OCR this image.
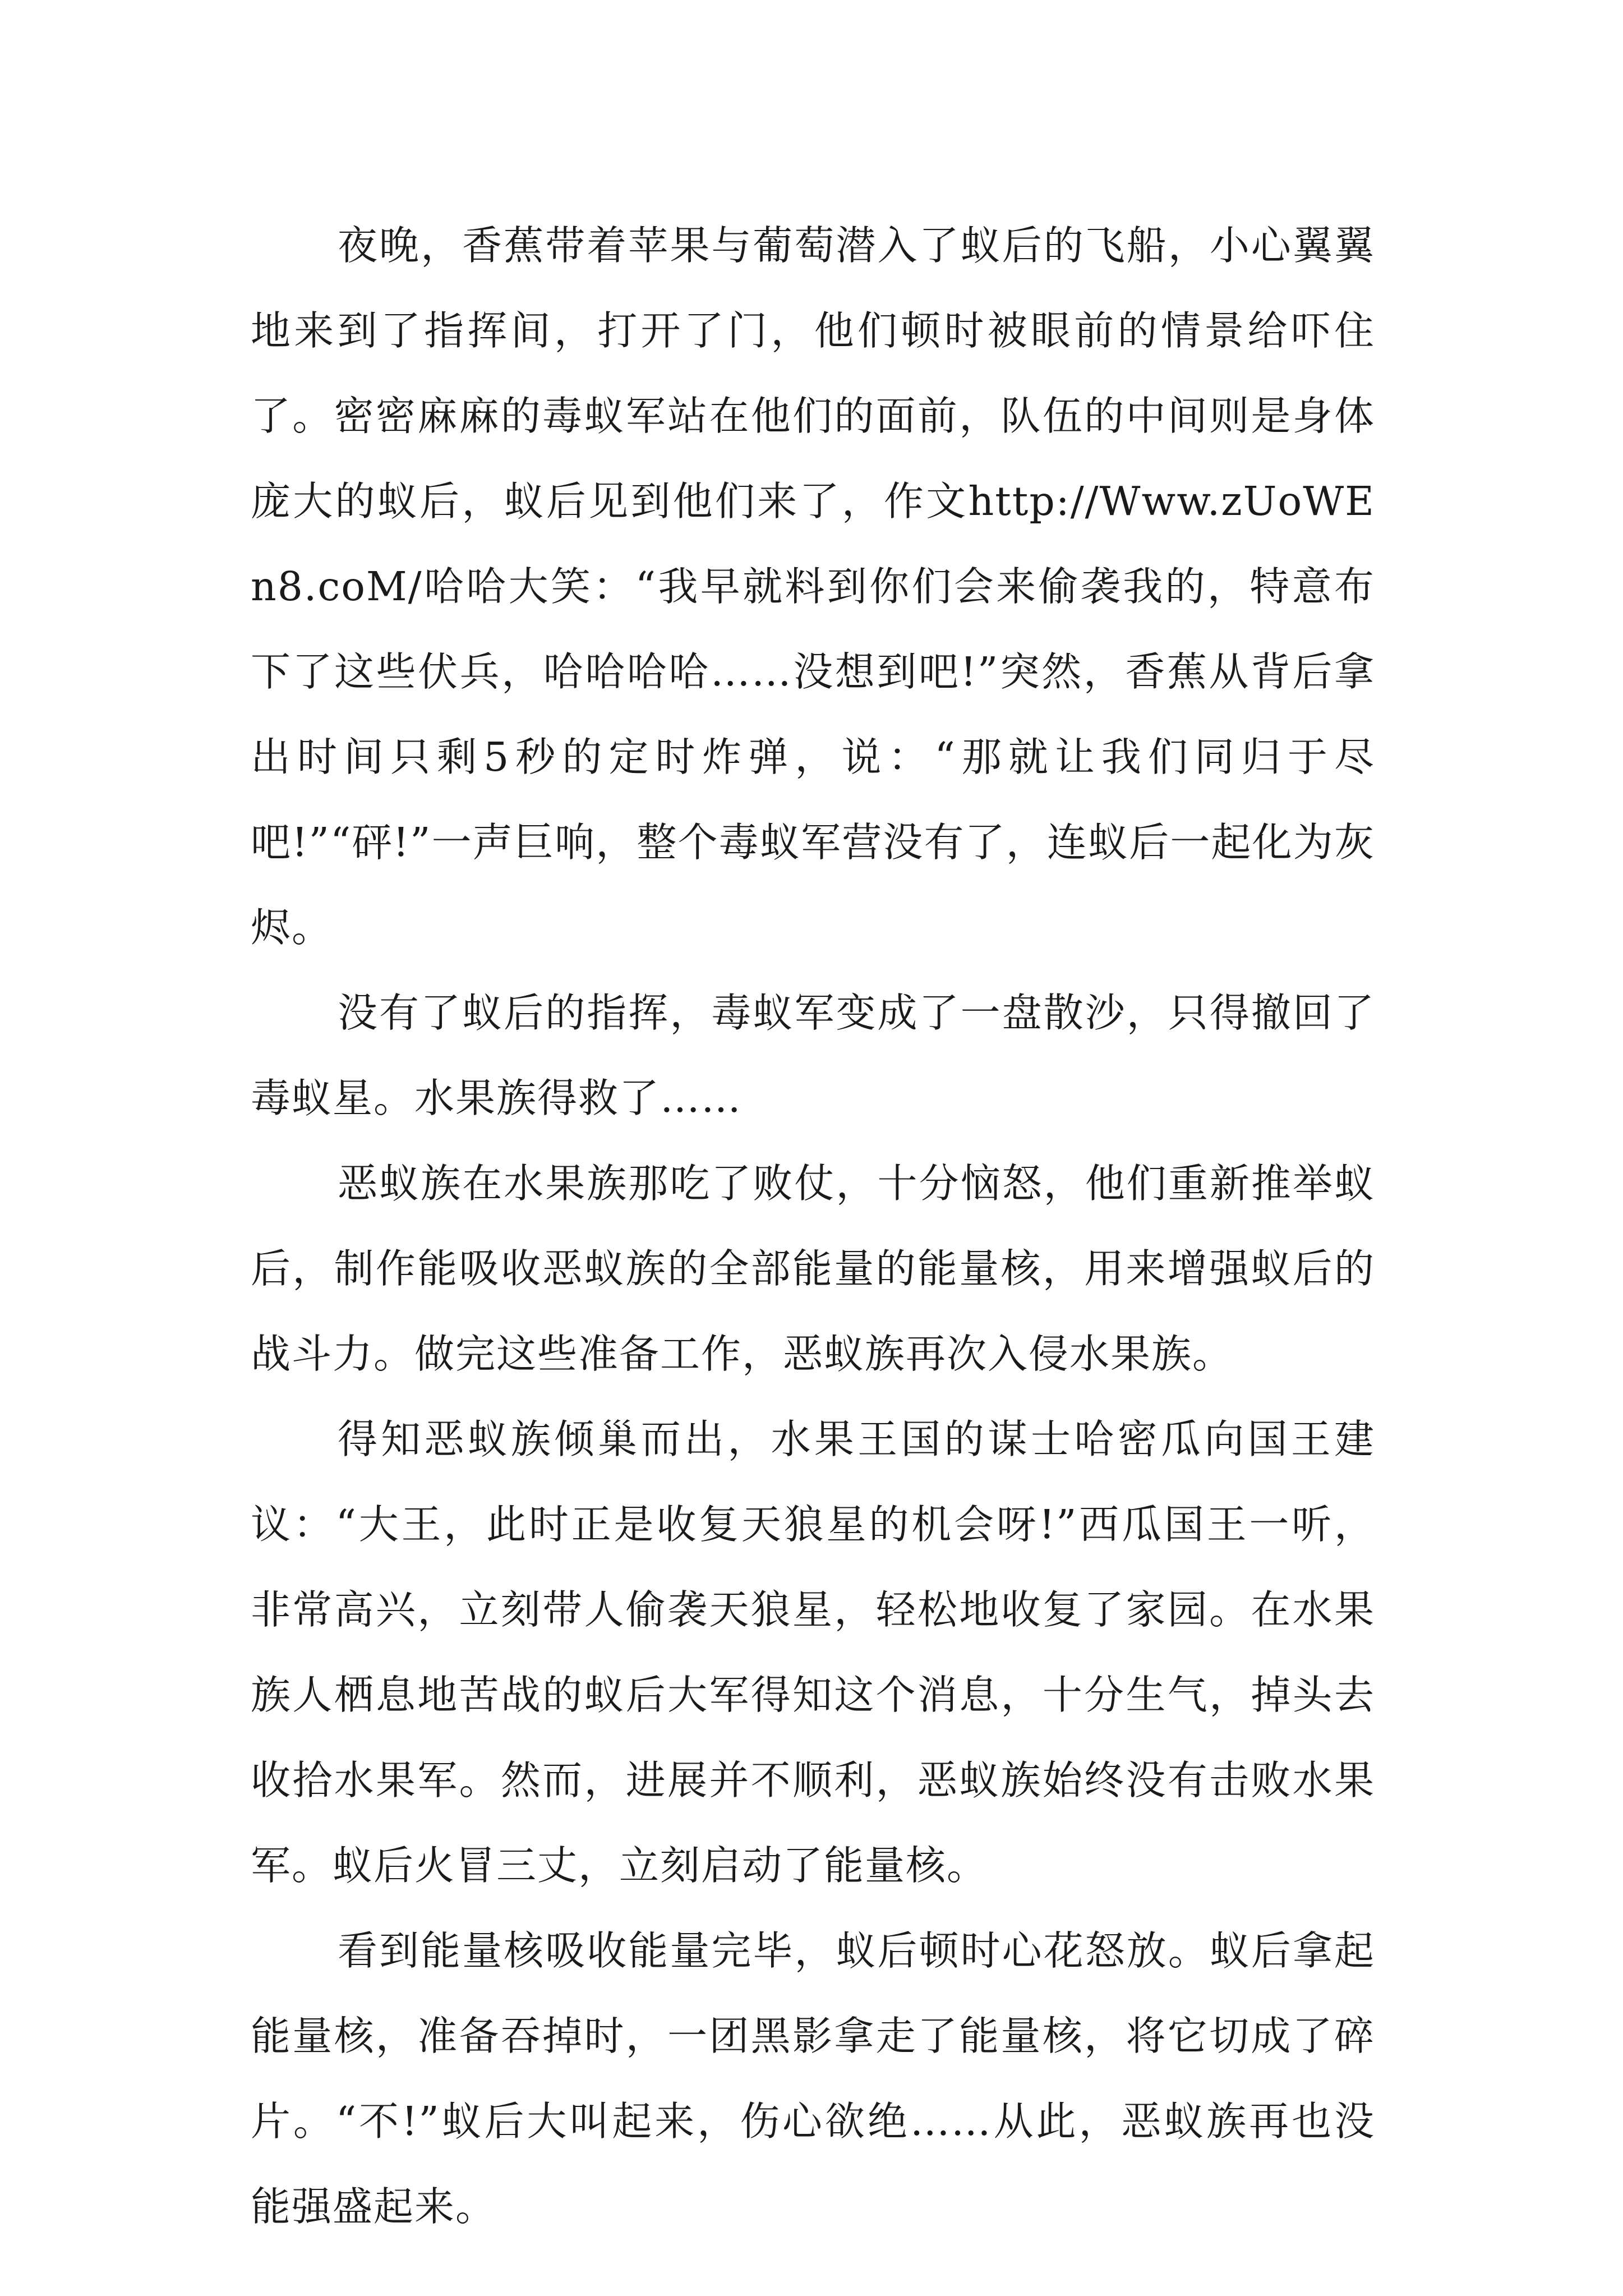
夜晚，香蕉带着苹果与葡萄潜入了蚁后的飞船，小心翼翼地来到了指挥间，打开了门，他们顿时被眼前的情景给吓住了。密密麻麻的毒蚁军站在他们的面前，队伍的中间则是身体庞大的蚁后，蚁后见到他们来了，作文http://Www.zUoWEn8.coM/哈哈大笑：“我早就料到你们会来偷袭我的，特意布下了这些伏兵，哈哈哈哈……没想到吧!”突然，香蕉从背后拿出时间只剩5秒的定时炸弹，说：“那就让我们同归于尽吧!”“砰!”一声巨响，整个毒蚁军营没有了，连蚁后一起化为灰烬。

没有了蚁后的指挥，毒蚁军变成了一盘散沙，只得撤回了毒蚁星。水果族得救了……

恶蚁族在水果族那吃了败仗，十分恼怒，他们重新推举蚁后，制作能吸收恶蚁族的全部能量的能量核，用来增强蚁后的战斗力。做完这些准备工作，恶蚁族再次入侵水果族。

得知恶蚁族倾巢而出，水果王国的谋士哈密瓜向国王建议：“大王，此时正是收复天狼星的机会呀!”西瓜国王一听，非常高兴，立刻带人偷袭天狼星，轻松地收复了家园。在水果族人栖息地苦战的蚁后大军得知这个消息，十分生气，掉头去收拾水果军。然而，进展并不顺利，恶蚁族始终没有击败水果军。蚁后火冒三丈，立刻启动了能量核。

看到能量核吸收能量完毕，蚁后顿时心花怒放。蚁后拿起能量核，准备吞掉时，一团黑影拿走了能量核，将它切成了碎片。“不!”蚁后大叫起来，伤心欲绝……从此，恶蚁族再也没能强盛起来。
